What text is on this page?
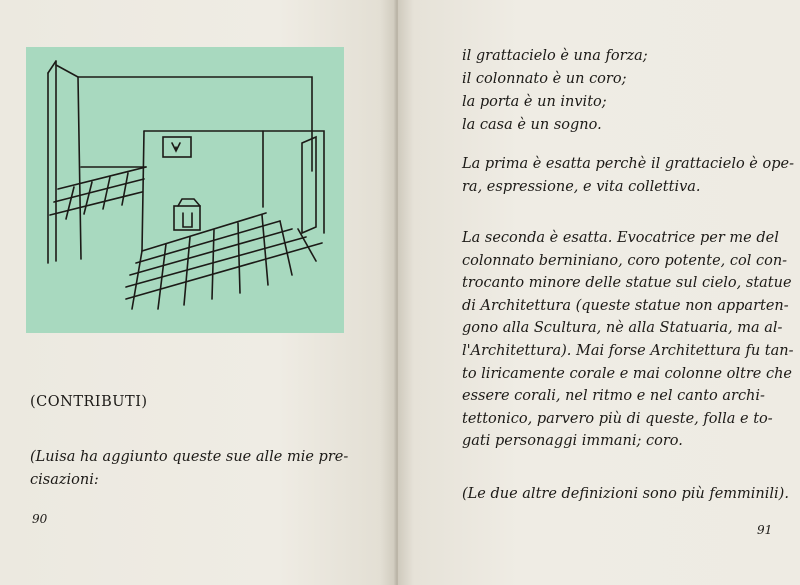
(CONTRIBUTI)
(Luisa ha aggiunto queste sue alle mie pre-
cisazioni:
90
il grattacielo è una forza;
il colonnato è un coro;
la porta è un invito;
la casa è un sogno.
La prima è esatta perchè il grattacielo è ope-
ra, espressione, e vita collettiva.
La seconda è esatta. Evocatrice per me del
colonnato berniniano, coro potente, col con-
trocanto minore delle statue sul cielo, statue
di Architettura (queste statue non apparten-
gono alla Scultura, nè alla Statuaria, ma al-
l'Architettura). Mai forse Architettura fu tan-
to liricamente corale e mai colonne oltre che
essere corali, nel ritmo e nel canto archi-
tettonico, parvero più di queste, folla e to-
gati personaggi immani; coro.
(Le due altre definizioni sono più femminili).
91
